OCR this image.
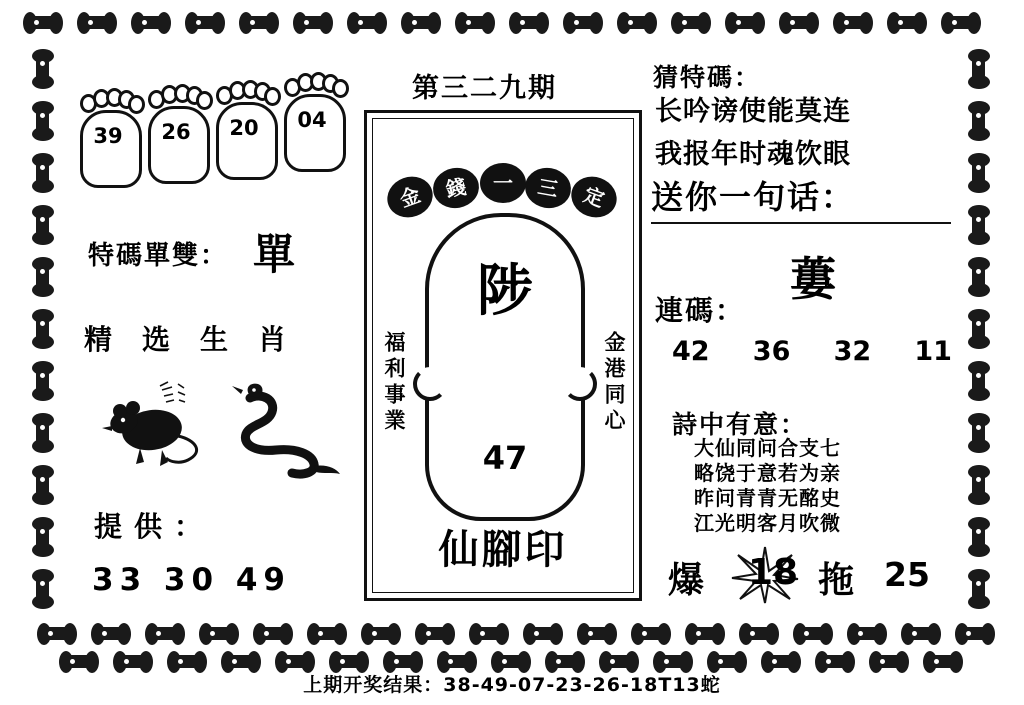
第三二九期
39	26	20	04
特碼單雙： 單
精选生肖
提供：
33 30 49
金	錢	一	三	定
陟
47
福利事業	金港同心
仙腳印
猜特碼：
长吟谤使能莫连
我报年时魂饮眼
送你一句话：
蔞
連碼：
42 36 32 11
詩中有意：
大仙同问合支七
略饶于意若为亲
昨问青青无酩史
江光明客月吹微
爆 18 拖 25
上期开奖结果：38-49-07-23-26-18T13蛇
